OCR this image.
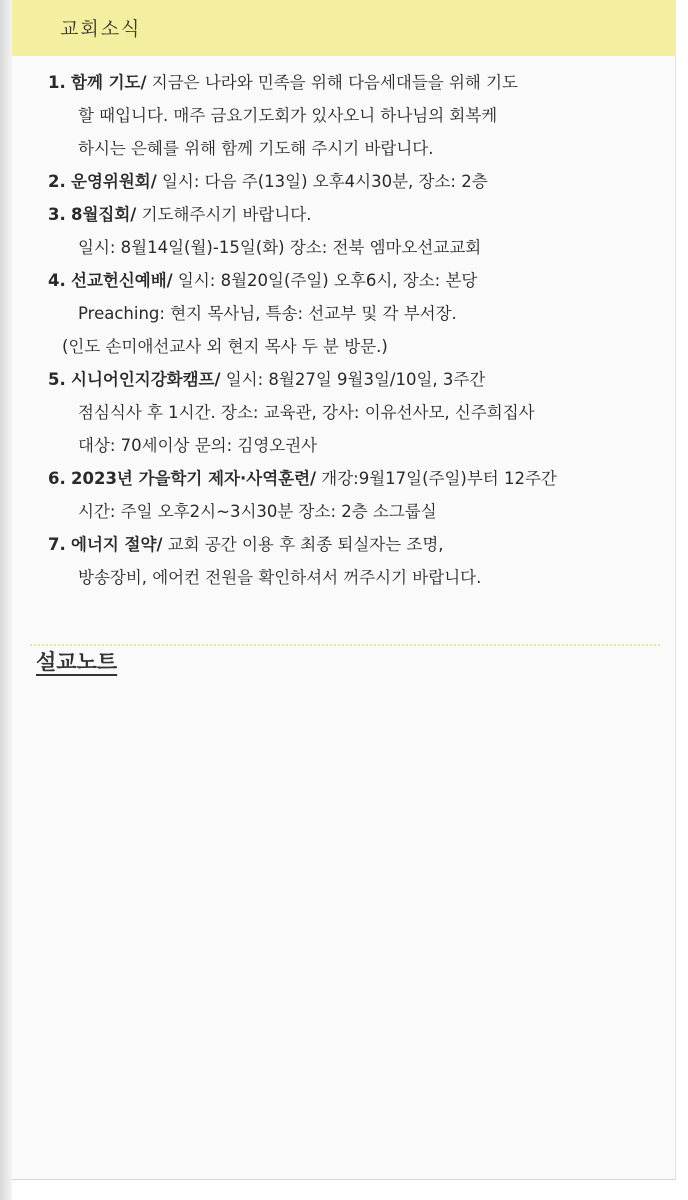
교회소식
1. 함께 기도/ 지금은 나라와 민족을 위해 다음세대들을 위해 기도
할 때입니다. 매주 금요기도회가 있사오니 하나님의 회복케
하시는 은혜를 위해 함께 기도해 주시기 바랍니다.
2. 운영위원회/ 일시: 다음 주(13일) 오후4시30분, 장소: 2층
3. 8월집회/ 기도해주시기 바랍니다.
일시: 8월14일(월)-15일(화) 장소: 전북 엠마오선교교회
4. 선교헌신예배/ 일시: 8월20일(주일) 오후6시, 장소: 본당
Preaching: 현지 목사님, 특송: 선교부 및 각 부서장.
(인도 손미애선교사 외 현지 목사 두 분 방문.)
5. 시니어인지강화캠프/ 일시: 8월27일 9월3일/10일, 3주간
점심식사 후 1시간. 장소: 교육관, 강사: 이유선사모, 신주희집사
대상: 70세이상 문의: 김영오권사
6. 2023년 가을학기 제자·사역훈련/ 개강:9월17일(주일)부터 12주간
시간: 주일 오후2시~3시30분 장소: 2층 소그룹실
7. 에너지 절약/ 교회 공간 이용 후 최종 퇴실자는 조명,
방송장비, 에어컨 전원을 확인하셔서 꺼주시기 바랍니다.
설교노트
